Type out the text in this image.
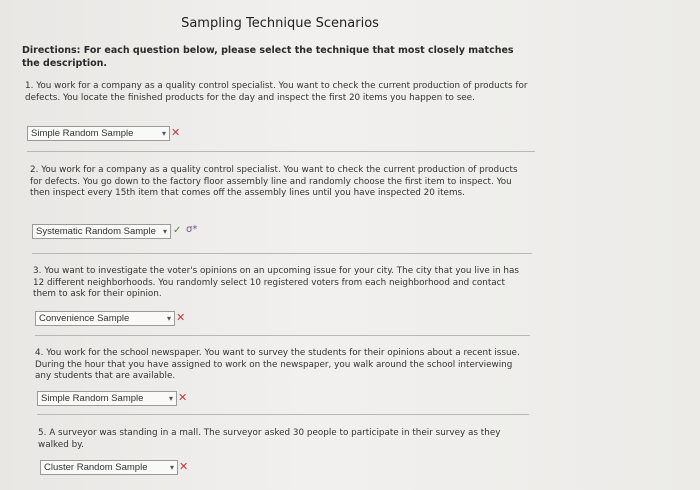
Sampling Technique Scenarios
Directions: For each question below, please select the technique that most closely matches the description.
1. You work for a company as a quality control specialist. You want to check the current production of products for defects. You locate the finished products for the day and inspect the first 20 items you happen to see.
Simple Random Sample	▾ ✕
2. You work for a company as a quality control specialist. You want to check the current production of products for defects. You go down to the factory floor assembly line and randomly choose the first item to inspect. You then inspect every 15th item that comes off the assembly lines until you have inspected 20 items.
Systematic Random Sample ▾ ✓ σ*
3. You want to investigate the voter's opinions on an upcoming issue for your city. The city that you live in has 12 different neighborhoods. You randomly select 10 registered voters from each neighborhood and contact them to ask for their opinion.
Convenience Sample	▾ ✕
4. You work for the school newspaper. You want to survey the students for their opinions about a recent issue. During the hour that you have assigned to work on the newspaper, you walk around the school interviewing any students that are available.
Simple Random Sample	▾ ✕
5. A surveyor was standing in a mall. The surveyor asked 30 people to participate in their survey as they walked by.
Cluster Random Sample	▾ ✕
